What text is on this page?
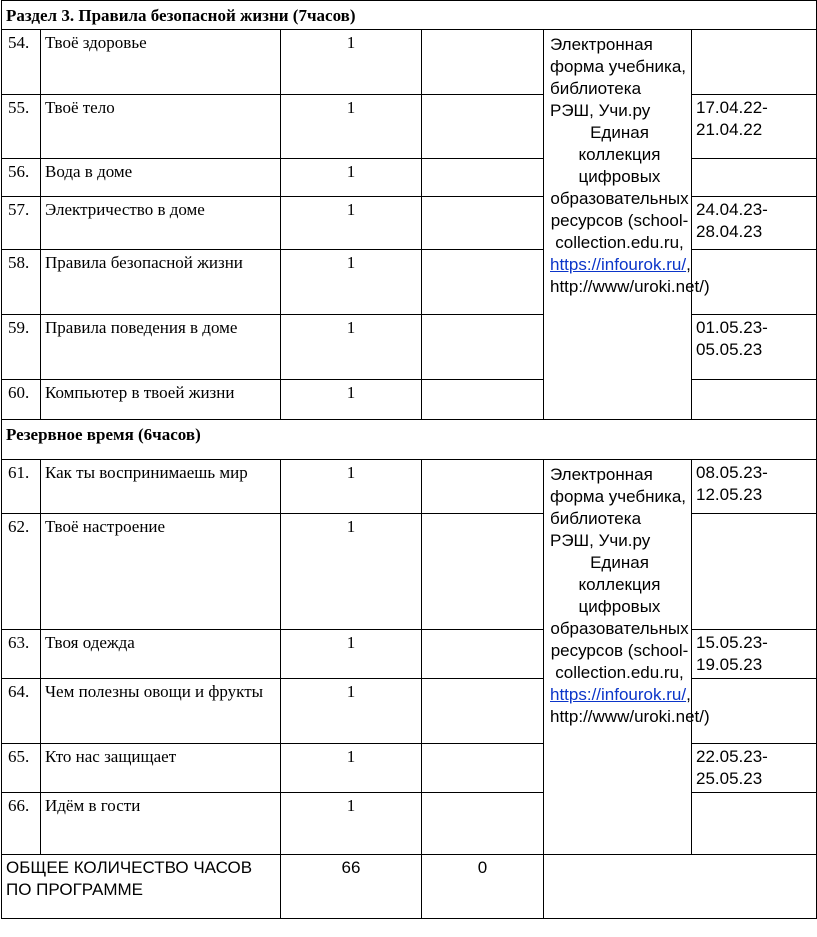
Раздел 3. Правила безопасной жизни (7часов)					
54.	Твоё здоровье	1		Электронная форма учебника, библиотека РЭШ, Учи.ру
Единая коллекция цифровых образовательных ресурсов (school-collection.edu.ru, https://infourok.ru/, http://www/uroki.net/)	
55.	Твоё тело	1			17.04.22-21.04.22
56.	Вода в доме	1			
57.	Электричество в доме	1			24.04.23-28.04.23
58.	Правила безопасной жизни	1			
59.	Правила поведения в доме	1			01.05.23-05.05.23
60.	Компьютер в твоей жизни	1			
Резервное время (6часов)					
61.	Как ты воспринимаешь мир	1		Электронная форма учебника, библиотека РЭШ, Учи.ру
Единая коллекция цифровых образовательных ресурсов (school-collection.edu.ru, https://infourok.ru/, http://www/uroki.net/)	08.05.23-12.05.23
62.	Твоё настроение	1			
63.	Твоя одежда	1			15.05.23-19.05.23
64.	Чем полезны овощи и фрукты	1			
65.	Кто нас защищает	1			22.05.23-25.05.23
66.	Идём в гости	1			
ОБЩЕЕ КОЛИЧЕСТВО ЧАСОВ ПО ПРОГРАММЕ		66	0		
